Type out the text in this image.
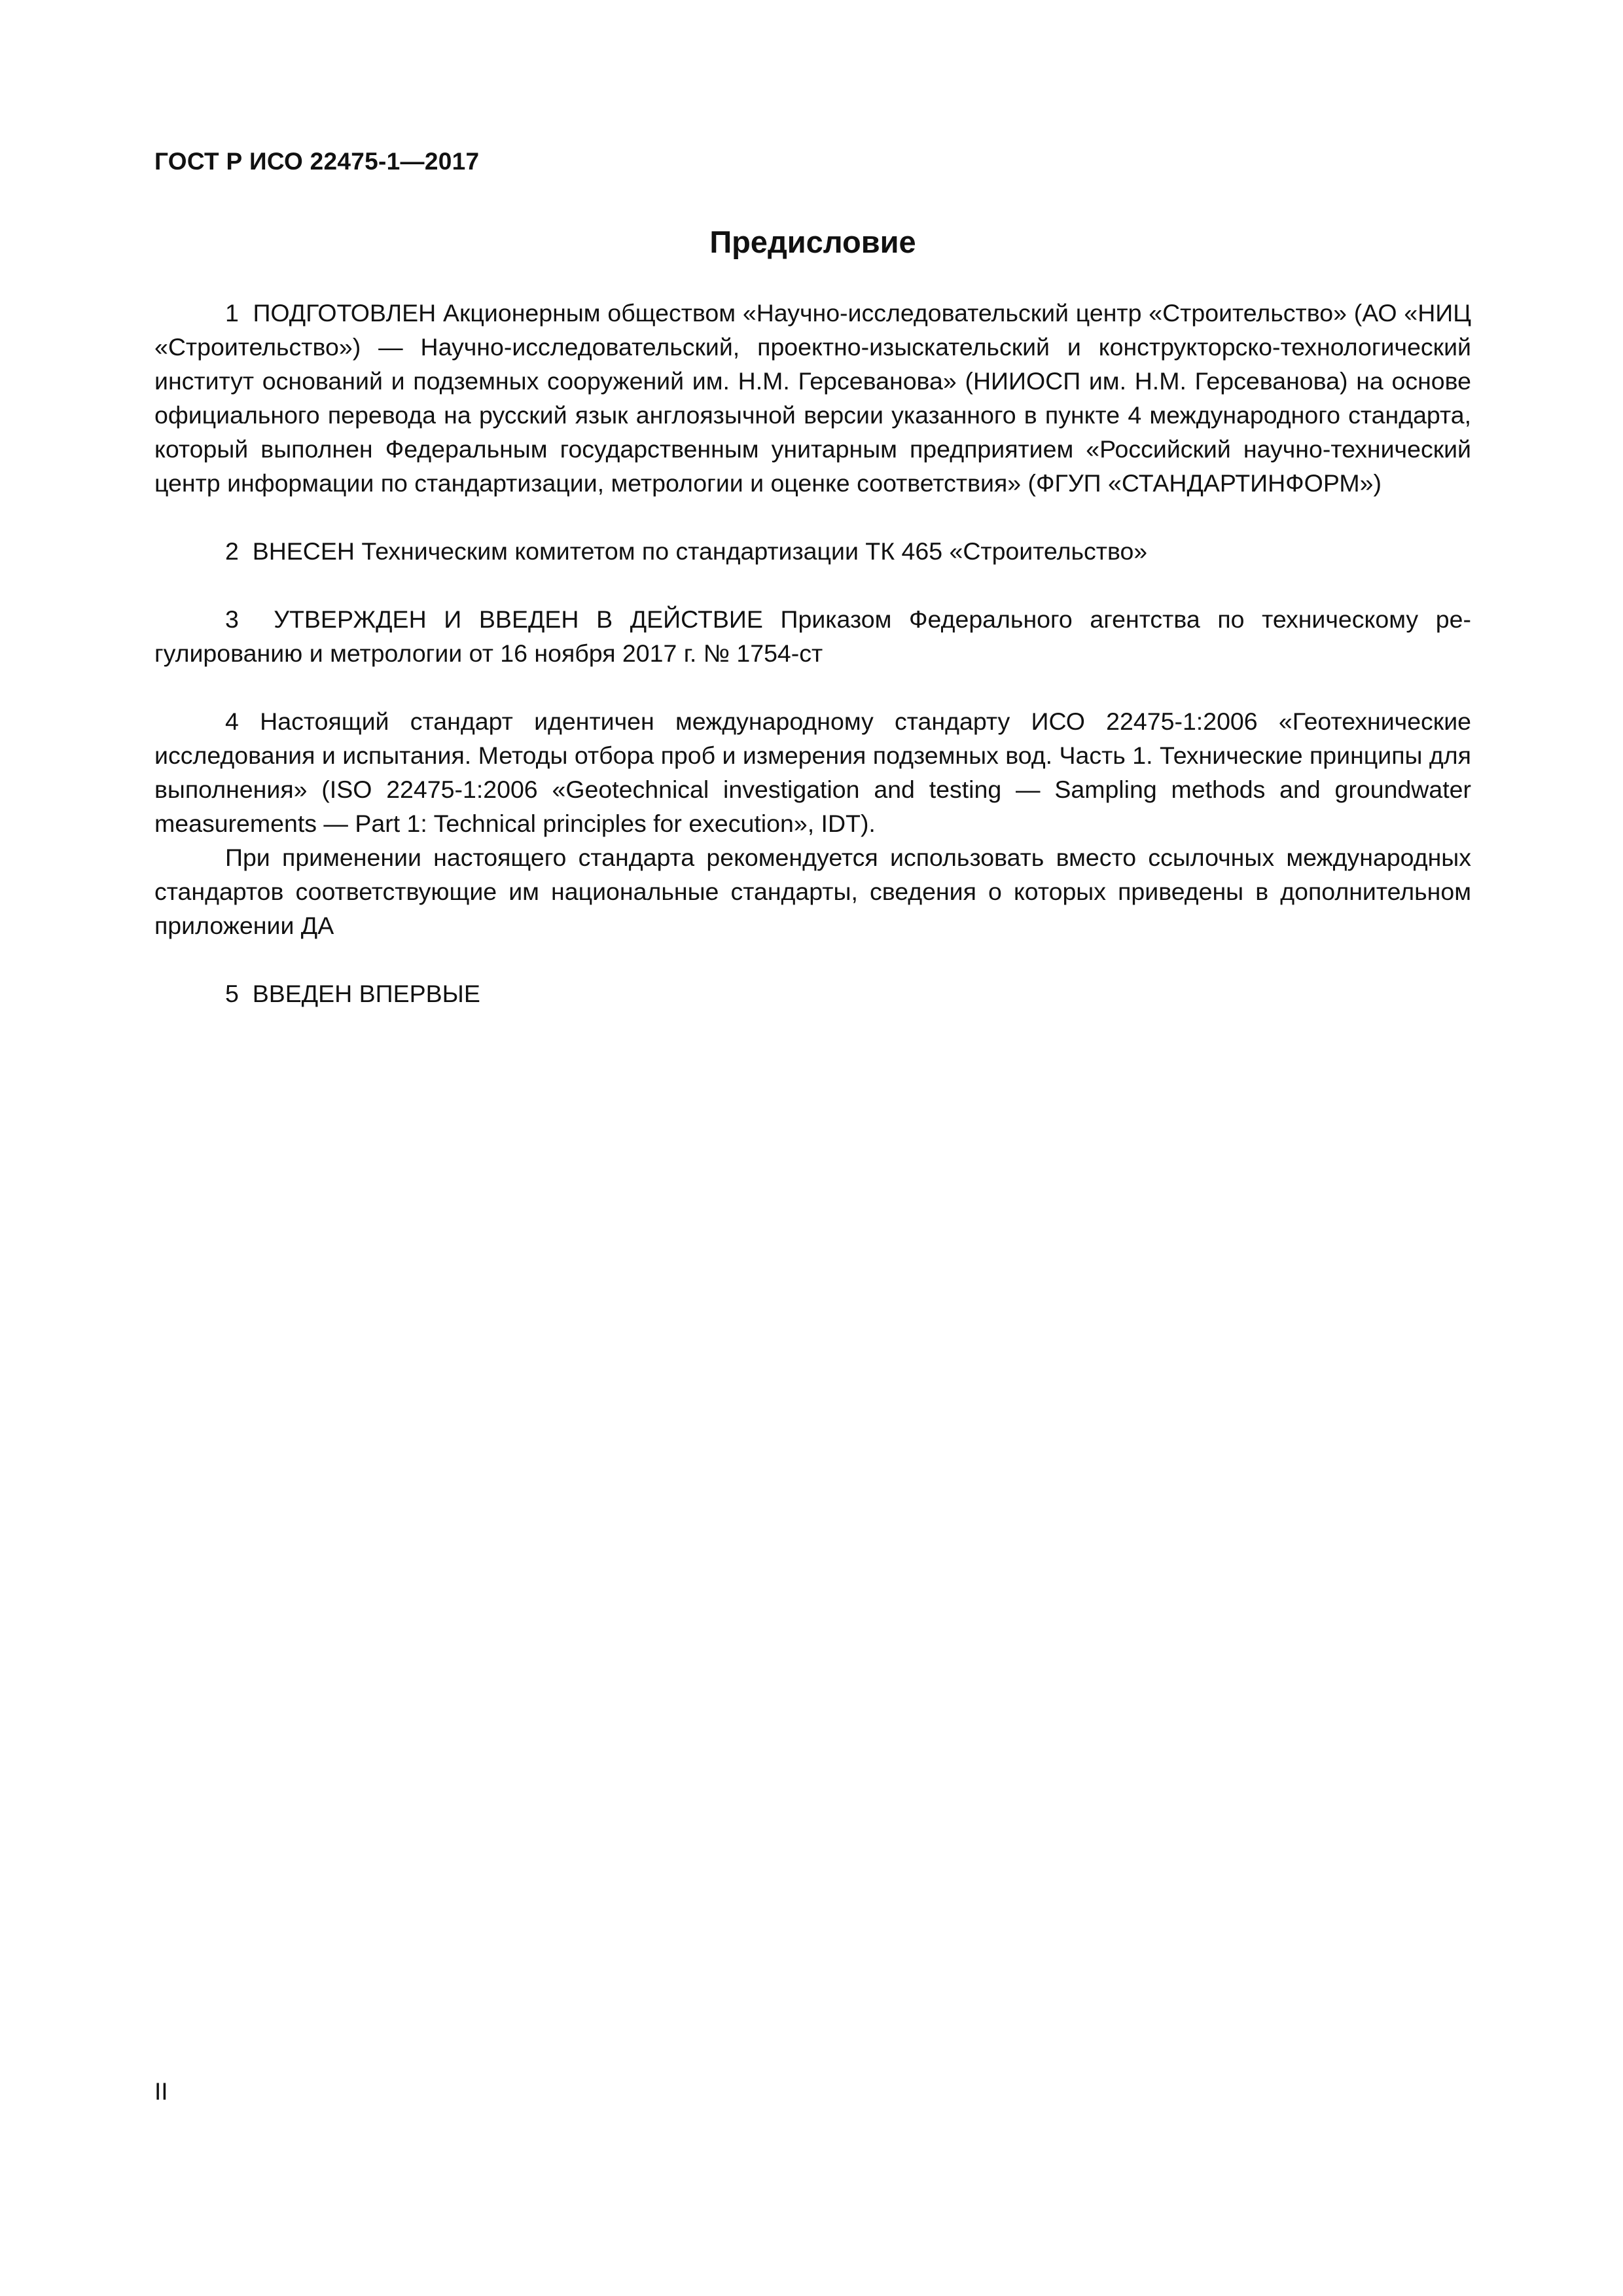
ГОСТ Р ИСО 22475-1—2017
Предисловие

1 ПОДГОТОВЛЕН Акционерным обществом «Научно-исследовательский центр «Строительство» (АО «НИЦ «Строительство») — Научно-исследовательский, проектно-изыскательский и конструкторско-технологический институт оснований и подземных сооружений им. Н.М. Герсеванова» (НИИОСП им. Н.М. Герсеванова) на основе официального перевода на русский язык англоязычной версии указанного в пункте 4 международного стандарта, который выполнен Федеральным государственным унитарным предприятием «Российский научно-технический центр информации по стандартизации, метрологии и оценке соответствия» (ФГУП «СТАНДАРТИНФОРМ»)

2 ВНЕСЕН Техническим комитетом по стандартизации ТК 465 «Строительство»

3 УТВЕРЖДЕН И ВВЕДЕН В ДЕЙСТВИЕ Приказом Федерального агентства по техническому регулированию и метрологии от 16 ноября 2017 г. № 1754-ст

4 Настоящий стандарт идентичен международному стандарту ИСО 22475-1:2006 «Геотехнические исследования и испытания. Методы отбора проб и измерения подземных вод. Часть 1. Технические принципы для выполнения» (ISO 22475-1:2006 «Geotechnical investigation and testing — Sampling methods and groundwater measurements — Part 1: Technical principles for execution», IDT).

При применении настоящего стандарта рекомендуется использовать вместо ссылочных международных стандартов соответствующие им национальные стандарты, сведения о которых приведены в дополнительном приложении ДА

5 ВВЕДЕН ВПЕРВЫЕ

II
